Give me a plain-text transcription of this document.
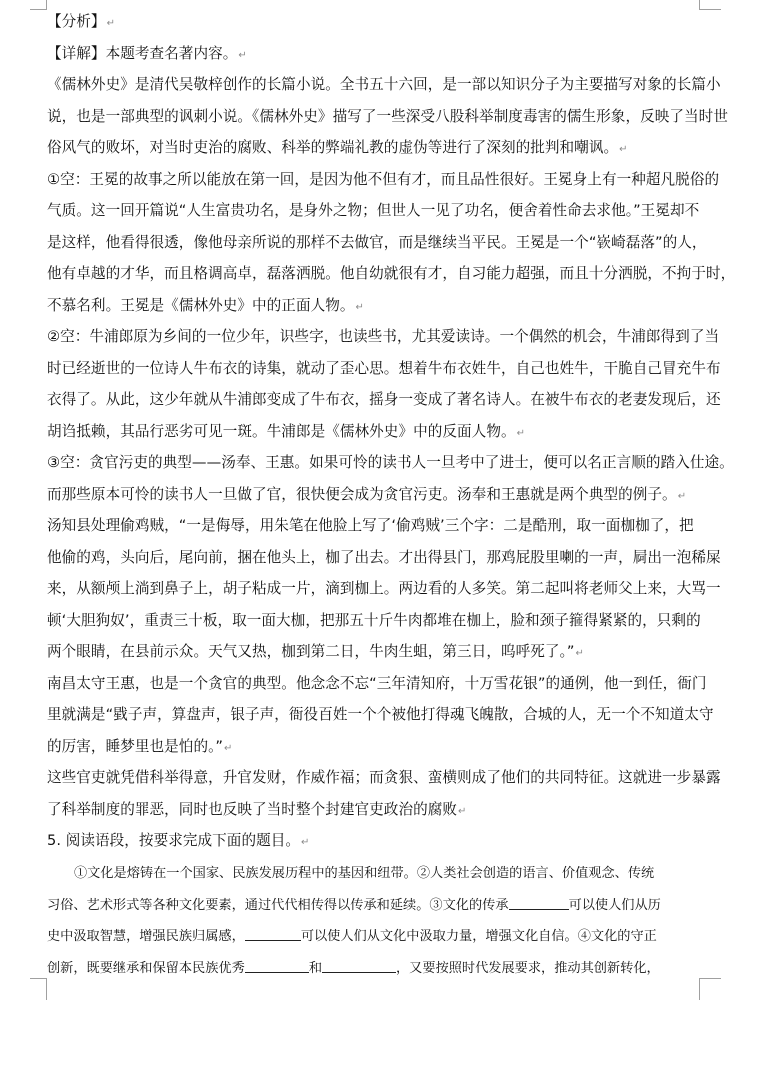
【分析】↵
【详解】本题考查名著内容。↵
《儒林外史》是清代吴敬梓创作的长篇小说。全书五十六回，是一部以知识分子为主要描写对象的长篇小
说，也是一部典型的讽刺小说。《儒林外史》描写了一些深受八股科举制度毒害的儒生形象，反映了当时世
俗风气的败坏，对当时吏治的腐败、科举的弊端礼教的虚伪等进行了深刻的批判和嘲讽。↵
①空：王冕的故事之所以能放在第一回，是因为他不但有才，而且品性很好。王冕身上有一种超凡脱俗的
气质。这一回开篇说“人生富贵功名，是身外之物；但世人一见了功名，便舍着性命去求他。”王冕却不
是这样，他看得很透，像他母亲所说的那样不去做官，而是继续当平民。王冕是一个“嵚崎磊落”的人，
他有卓越的才华，而且格调高卓，磊落洒脱。他自幼就很有才，自习能力超强，而且十分洒脱，不拘于时，
不慕名利。王冕是《儒林外史》中的正面人物。↵
②空：牛浦郎原为乡间的一位少年，识些字，也读些书，尤其爱读诗。一个偶然的机会，牛浦郎得到了当
时已经逝世的一位诗人牛布衣的诗集，就动了歪心思。想着牛布衣姓牛，自己也姓牛，干脆自己冒充牛布
衣得了。从此，这少年就从牛浦郎变成了牛布衣，摇身一变成了著名诗人。在被牛布衣的老妻发现后，还
胡诌抵赖，其品行恶劣可见一斑。牛浦郎是《儒林外史》中的反面人物。↵
③空：贪官污吏的典型——汤奉、王惠。如果可怜的读书人一旦考中了进士，便可以名正言顺的踏入仕途。
而那些原本可怜的读书人一旦做了官，很快便会成为贪官污吏。汤奉和王惠就是两个典型的例子。↵
汤知县处理偷鸡贼，“一是侮辱，用朱笔在他脸上写了‘偷鸡贼’三个字：二是酷刑，取一面枷枷了，把
他偷的鸡，头向后，尾向前，捆在他头上，枷了出去。才出得县门，那鸡屁股里喇的一声，屙出一泡稀屎
来，从额颅上淌到鼻子上，胡子粘成一片，滴到枷上。两边看的人多笑。第二起叫将老师父上来，大骂一
顿‘大胆狗奴’，重责三十板，取一面大枷，把那五十斤牛肉都堆在枷上，脸和颈子箍得紧紧的，只剩的
两个眼睛，在县前示众。天气又热，枷到第二日，牛肉生蛆，第三日，呜呼死了。”↵
南昌太守王惠，也是一个贪官的典型。他念念不忘“三年清知府，十万雪花银”的通例，他一到任，衙门
里就满是“戥子声，算盘声，银子声，衙役百姓一个个被他打得魂飞魄散，合城的人，无一个不知道太守
的厉害，睡梦里也是怕的。”↵
这些官吏就凭借科举得意，升官发财，作威作福；而贪狠、蛮横则成了他们的共同特征。这就进一步暴露
了科举制度的罪恶，同时也反映了当时整个封建官吏政治的腐败↵
5. 阅读语段，按要求完成下面的题目。↵
①文化是熔铸在一个国家、民族发展历程中的基因和纽带。②人类社会创造的语言、价值观念、传统
习俗、艺术形式等各种文化要素，通过代代相传得以传承和延续。③文化的传承	可以使人们从历
史中汲取智慧，增强民族归属感，	可以使人们从文化中汲取力量，增强文化自信。④文化的守正
创新，既要继承和保留本民族优秀	和	，又要按照时代发展要求，推动其创新转化，
